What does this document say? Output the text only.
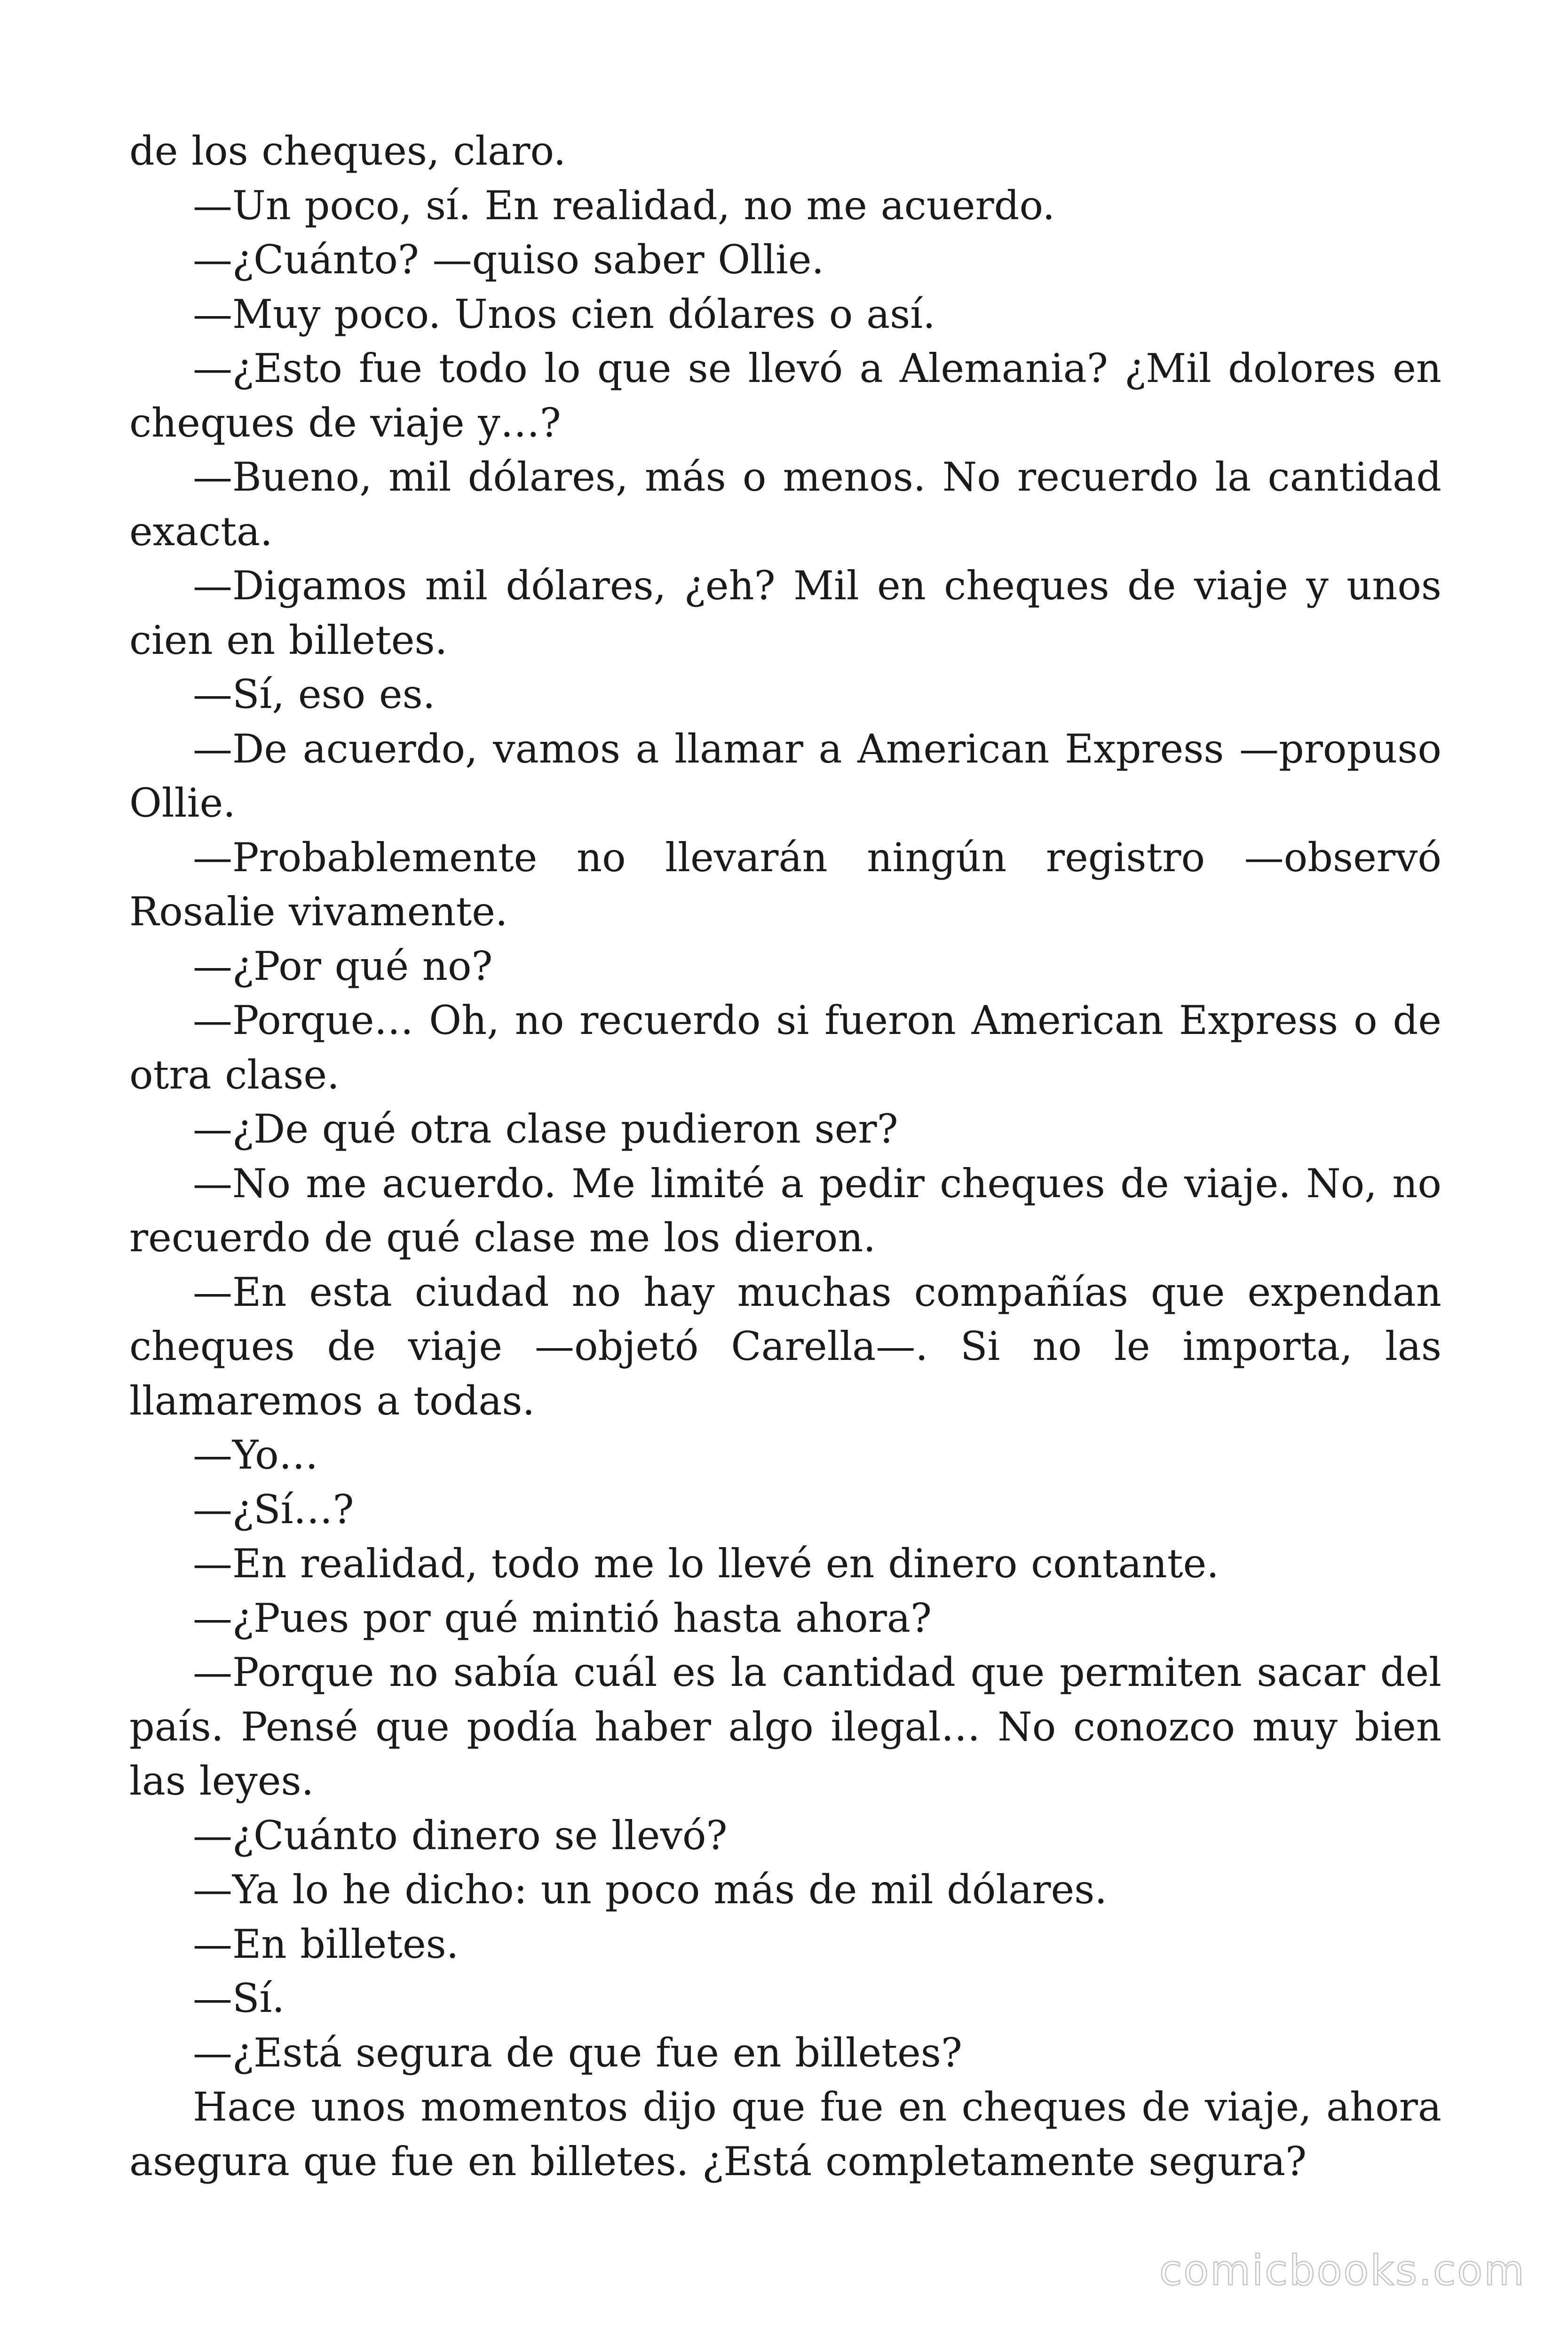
de los cheques, claro.

—Un poco, sí. En realidad, no me acuerdo.

—¿Cuánto? —quiso saber Ollie.

—Muy poco. Unos cien dólares o así.

—¿Esto fue todo lo que se llevó a Alemania? ¿Mil dolores en cheques de viaje y…?

—Bueno, mil dólares, más o menos. No recuerdo la cantidad exacta.

—Digamos mil dólares, ¿eh? Mil en cheques de viaje y unos cien en billetes.

—Sí, eso es.

—De acuerdo, vamos a llamar a American Express —propuso Ollie.

—Probablemente no llevarán ningún registro —observó Rosalie vivamente.

—¿Por qué no?

—Porque… Oh, no recuerdo si fueron American Express o de otra clase.

—¿De qué otra clase pudieron ser?

—No me acuerdo. Me limité a pedir cheques de viaje. No, no recuerdo de qué clase me los dieron.

—En esta ciudad no hay muchas compañías que expendan cheques de viaje —objetó Carella—. Si no le importa, las llamaremos a todas.

—Yo…

—¿Sí…?

—En realidad, todo me lo llevé en dinero contante.

—¿Pues por qué mintió hasta ahora?

—Porque no sabía cuál es la cantidad que permiten sacar del país. Pensé que podía haber algo ilegal… No conozco muy bien las leyes.

—¿Cuánto dinero se llevó?

—Ya lo he dicho: un poco más de mil dólares.

—En billetes.

—Sí.

—¿Está segura de que fue en billetes?

Hace unos momentos dijo que fue en cheques de viaje, ahora asegura que fue en billetes. ¿Está completamente segura?

comicbooks.com
